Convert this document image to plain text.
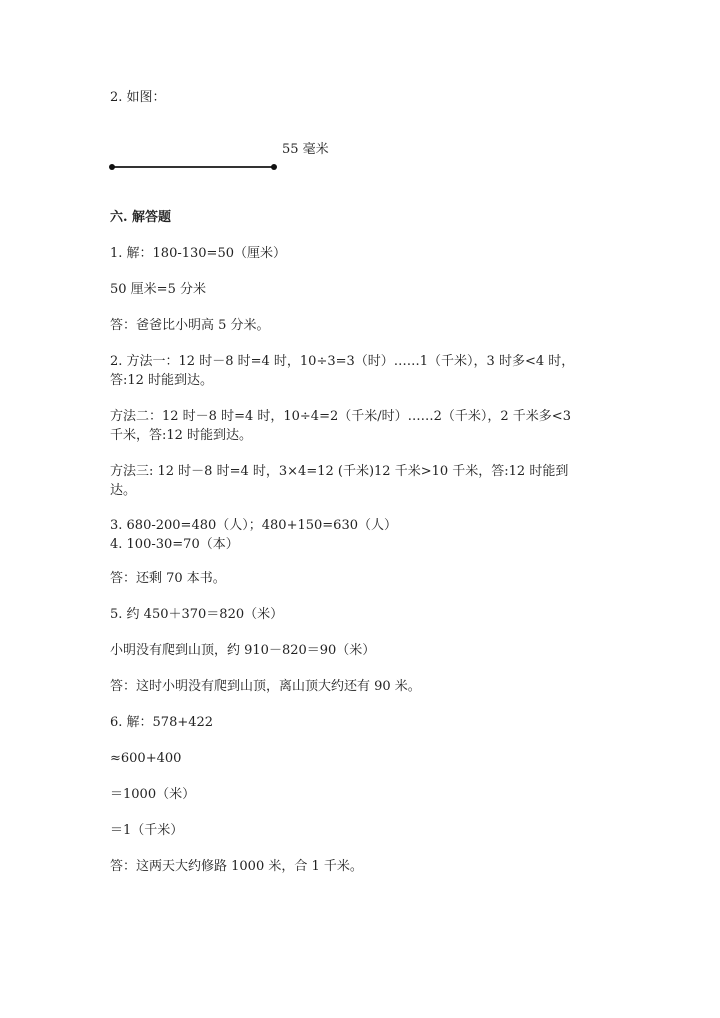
2. 如图：
55 毫米
六. 解答题
1. 解：180-130=50（厘米）
50 厘米=5 分米
答：爸爸比小明高 5 分米。
2. 方法一：12 时－8 时=4 时，10÷3=3（时）……1（千米），3 时多<4 时，
答:12 时能到达。
方法二：12 时－8 时=4 时，10÷4=2（千米/时）……2（千米），2 千米多<3
千米，答:12 时能到达。
方法三: 12 时－8 时=4 时，3×4=12 (千米)12 千米>10 千米，答:12 时能到
达。
3. 680-200=480（人）；480+150=630（人）
4. 100-30=70（本）
答：还剩 70 本书。
5. 约 450＋370＝820（米）
小明没有爬到山顶，约 910－820＝90（米）
答：这时小明没有爬到山顶，离山顶大约还有 90 米。
6. 解：578+422
≈600+400
＝1000（米）
＝1（千米）
答：这两天大约修路 1000 米，合 1 千米。
